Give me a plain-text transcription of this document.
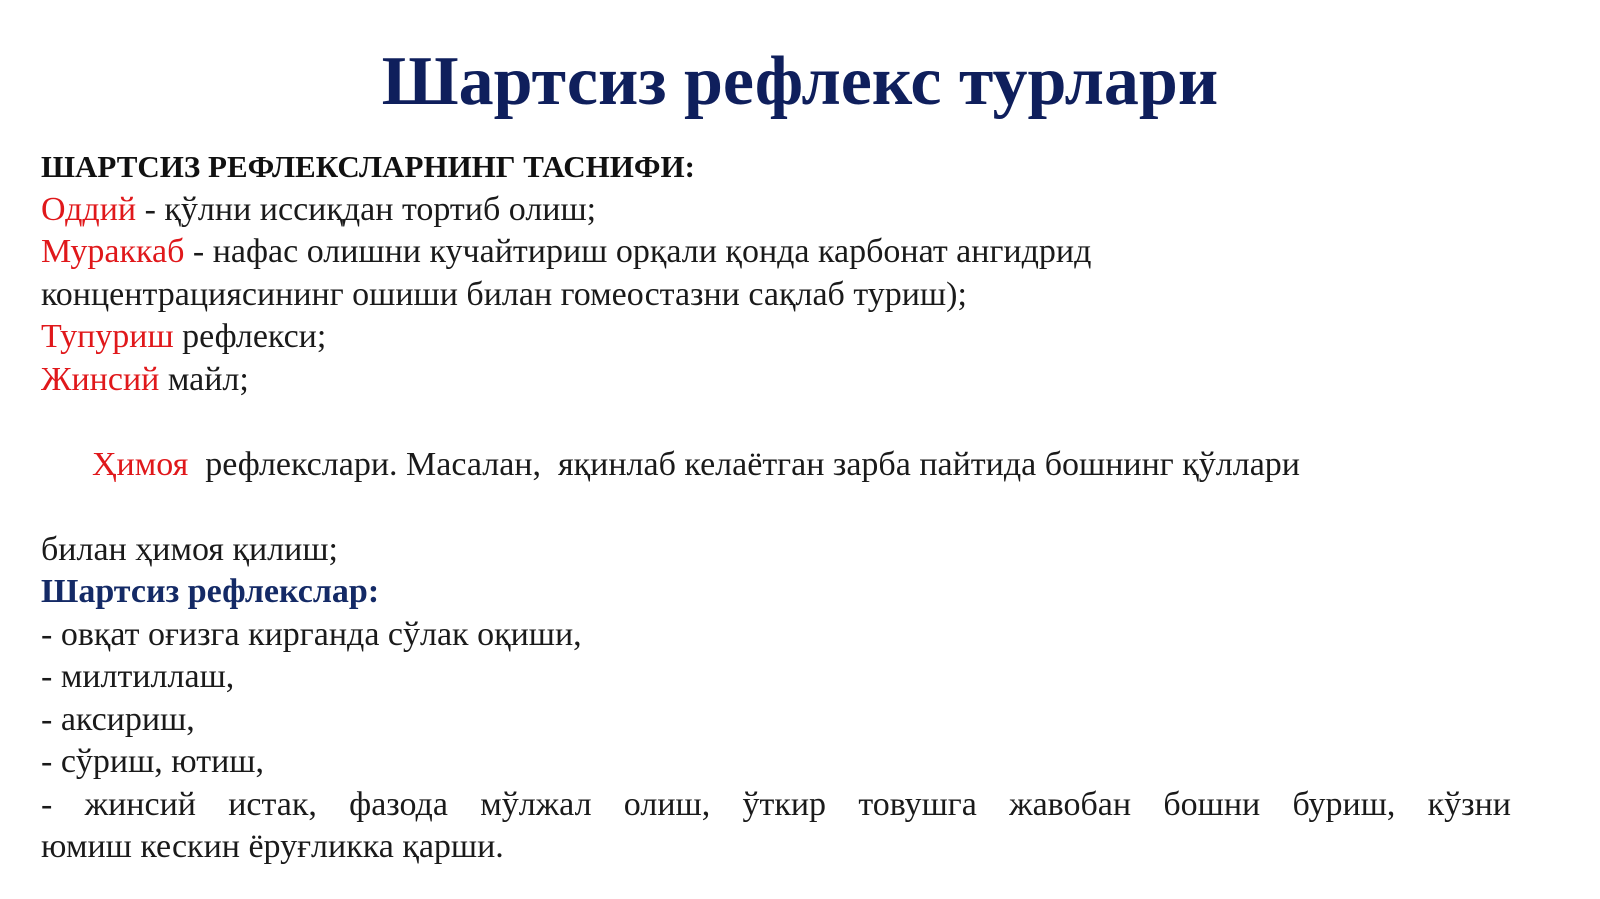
Шартсиз рефлекс турлари
ШАРТСИЗ РЕФЛЕКСЛАРНИНГ ТАСНИФИ:
Оддий - қўлни иссиқдан тортиб олиш;
Мураккаб - нафас олишни кучайтириш орқали қонда карбонат ангидрид
концентрациясининг ошиши билан гомеостазни сақлаб туриш);
Тупуриш рефлекси;
Жинсий майл;

Ҳимоя  рефлекслари. Масалан,  яқинлаб келаётган зарба пайтида бошнинг қўллари

билан ҳимоя қилиш;
Шартсиз рефлекслар:
- овқат оғизга кирганда сўлак оқиши,
- милтиллаш,
- аксириш,
- сўриш, ютиш,
- жинсий истак, фазода мўлжал олиш, ўткир товушга жавобан бошни буриш, кўзни
юмиш кескин ёруғликка қарши.
